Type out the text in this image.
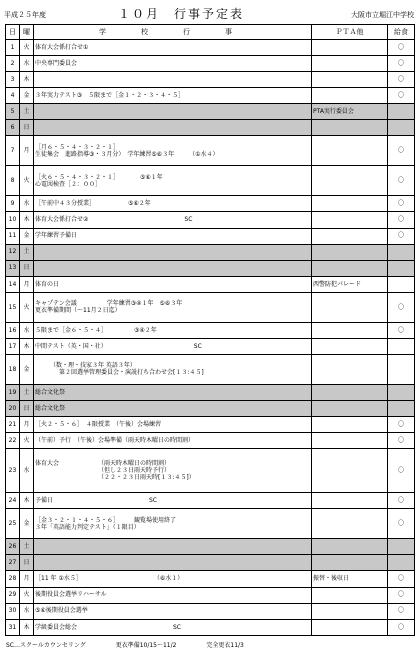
平成２５年度	１０月　行事予定表	大阪市立堀江中学校
日	曜	学　校　行　事	ＰＴＡ他	給食
1	火	体育大会係打合せ①		〇
2	水	中央専門委員会		〇
3	木			〇
4	金	３年実力テスト③　５限まで［金１・２・３・４・５］		〇
5	土		PTA実行委員会	
6	日			
7	月	［月６・５・４・３・２・１］
生徒集会　進路指導③・３月分）　学年練習⑤⑥３年　　　（①水４）		〇
8	火	［火６・５・４・３・２・１］　　　　⑤⑥１年
心電図検査［２：００］		〇
9	水	［午前中４３分授業］　　　　　　⑤⑥２年		〇
10	木	体育大会係打合せ②　　　　　　　　　　　　　　　　SC		〇
11	金	学年練習予備日		〇
12	土			
13	日			
14	月	体育の日	西警防犯パレード	
15	火	キャプテン会議　　　　　学年練習③④１年　⑤⑥３年
更衣準備期間（～11月２日迄）		〇
16	水	５限まで［金６・５・４］　　　　　③④２年		〇
17	木	中間テスト（英・国・社）　　　　　　　　　　　　　　　SC		

18	金	　　　（数・理・技家３年 英語３年）
　　　　第２回選挙管理委員会・演説打ち合わせ会[１３:４５]		

19	土	総合文化祭		

20	日	総合文化祭		

21	月	［火２・５・６］　４限授業　（午後）会場練習		〇
22	火	（午前）予行　（午後）会場準備（雨天時木曜日の時間割）		〇
23	水	体育大会　　　　　　　（雨天時木曜日の時間割）
　　　　　　　　　　　（但し２３日雨天時予行）
　　　　　　　　　　　（２２・２３日雨天時[１３:４５]）		〇
24	木	予備日　　　　　　　　　　　　　　　　SC		〇
25	金	［金３・２・１・４・５・６］　　　観覧場使用終了
３年「英語能力判定テスト」（１限目）		〇
26	土			
27	日			
28	月	［11 年 ①水５］　　　　　　　　　　　　　（⑥水１）	振替・後収日	〇
29	火	後期役員会選挙リハーサル		〇
30	水	⑤⑥後期役員会選挙		〇
31	木	学級委員会総会　　　　　　　　　　　　　　　　SC		〇
SC…スクールカウンセリング	更衣準備10/15～11/2	完全更衣11/3
